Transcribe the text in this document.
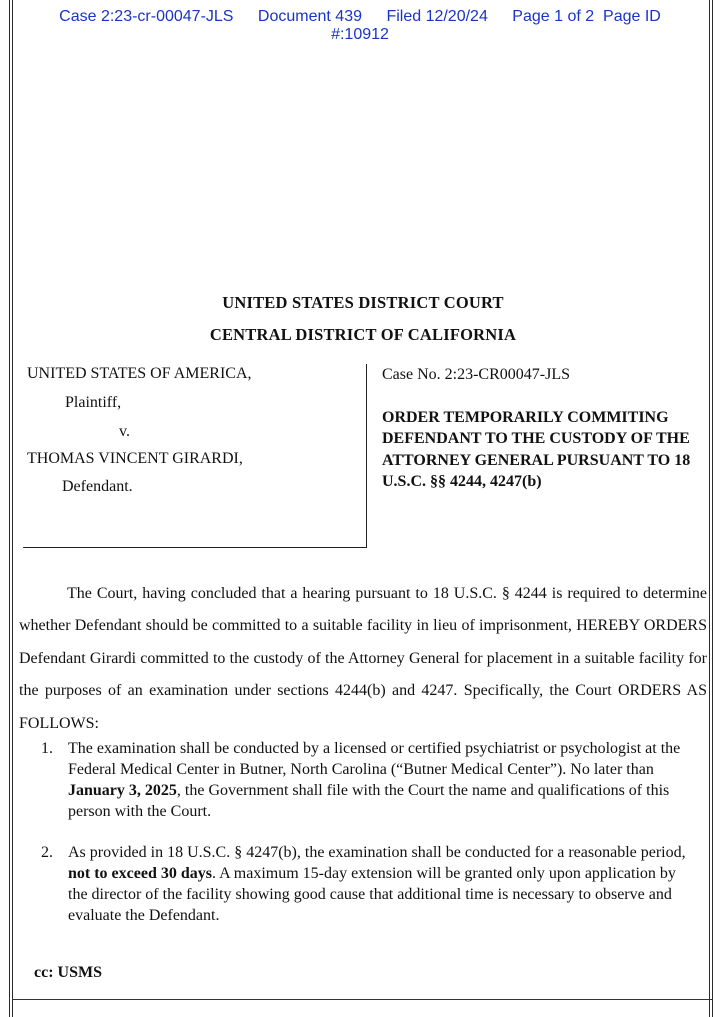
Case 2:23-cr-00047-JLS Document 439 Filed 12/20/24 Page 1 of 2 Page ID
#:10912
UNITED STATES DISTRICT COURT
CENTRAL DISTRICT OF CALIFORNIA
UNITED STATES OF AMERICA,
Plaintiff,
v.
THOMAS VINCENT GIRARDI,
Defendant.
Case No. 2:23-CR00047-JLS
ORDER TEMPORARILY COMMITING DEFENDANT TO THE CUSTODY OF THE ATTORNEY GENERAL PURSUANT TO 18 U.S.C. §§ 4244, 4247(b)
The Court, having concluded that a hearing pursuant to 18 U.S.C. § 4244 is required to determine whether Defendant should be committed to a suitable facility in lieu of imprisonment, HEREBY ORDERS Defendant Girardi committed to the custody of the Attorney General for placement in a suitable facility for the purposes of an examination under sections 4244(b) and 4247. Specifically, the Court ORDERS AS FOLLOWS:
1. The examination shall be conducted by a licensed or certified psychiatrist or psychologist at the Federal Medical Center in Butner, North Carolina (“Butner Medical Center”). No later than January 3, 2025, the Government shall file with the Court the name and qualifications of this person with the Court.
2. As provided in 18 U.S.C. § 4247(b), the examination shall be conducted for a reasonable period, not to exceed 30 days. A maximum 15-day extension will be granted only upon application by the director of the facility showing good cause that additional time is necessary to observe and evaluate the Defendant.
cc: USMS
